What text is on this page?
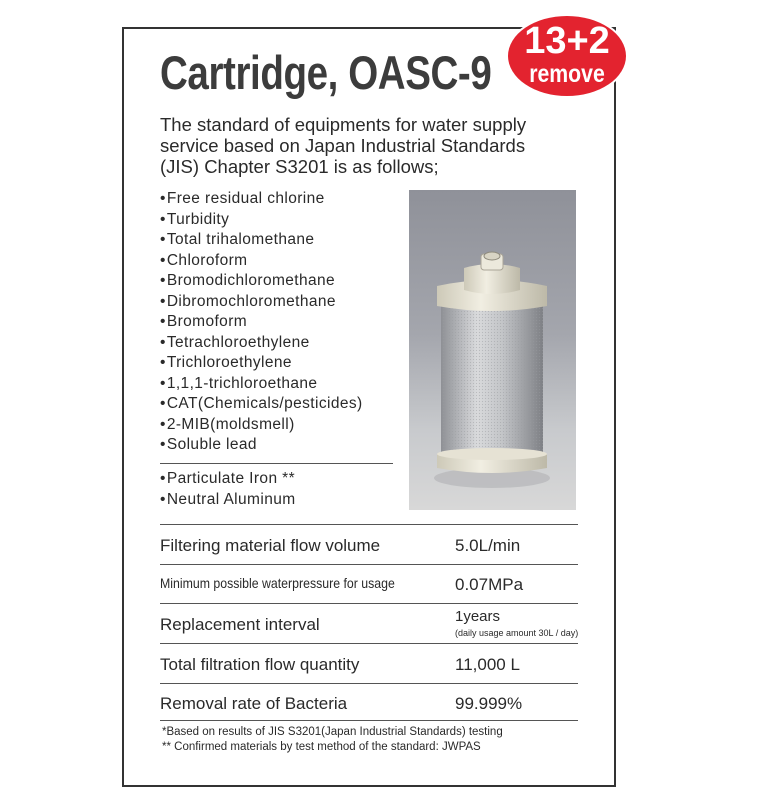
Cartridge, OASC-9
13+2
remove
The standard of equipments for water supply
service based on Japan Industrial Standards
(JIS) Chapter S3201 is as follows;
• Free residual chlorine
• Turbidity
• Total trihalomethane
• Chloroform
• Bromodichloromethane
• Dibromochloromethane
• Bromoform
• Tetrachloroethylene
• Trichloroethylene
• 1,1,1-trichloroethane
• CAT(Chemicals/pesticides)
• 2-MIB(moldsmell)
• Soluble lead
• Particulate Iron **
• Neutral Aluminum
Filtering material flow volume	5.0L/min
Minimum possible waterpressure for usage	0.07MPa
Replacement interval	1years
(daily usage amount 30L / day)
Total filtration flow quantity	11,000 L
Removal rate of Bacteria	99.999%
*Based on results of JIS S3201(Japan Industrial Standards) testing
** Confirmed materials by test method of the standard: JWPAS
